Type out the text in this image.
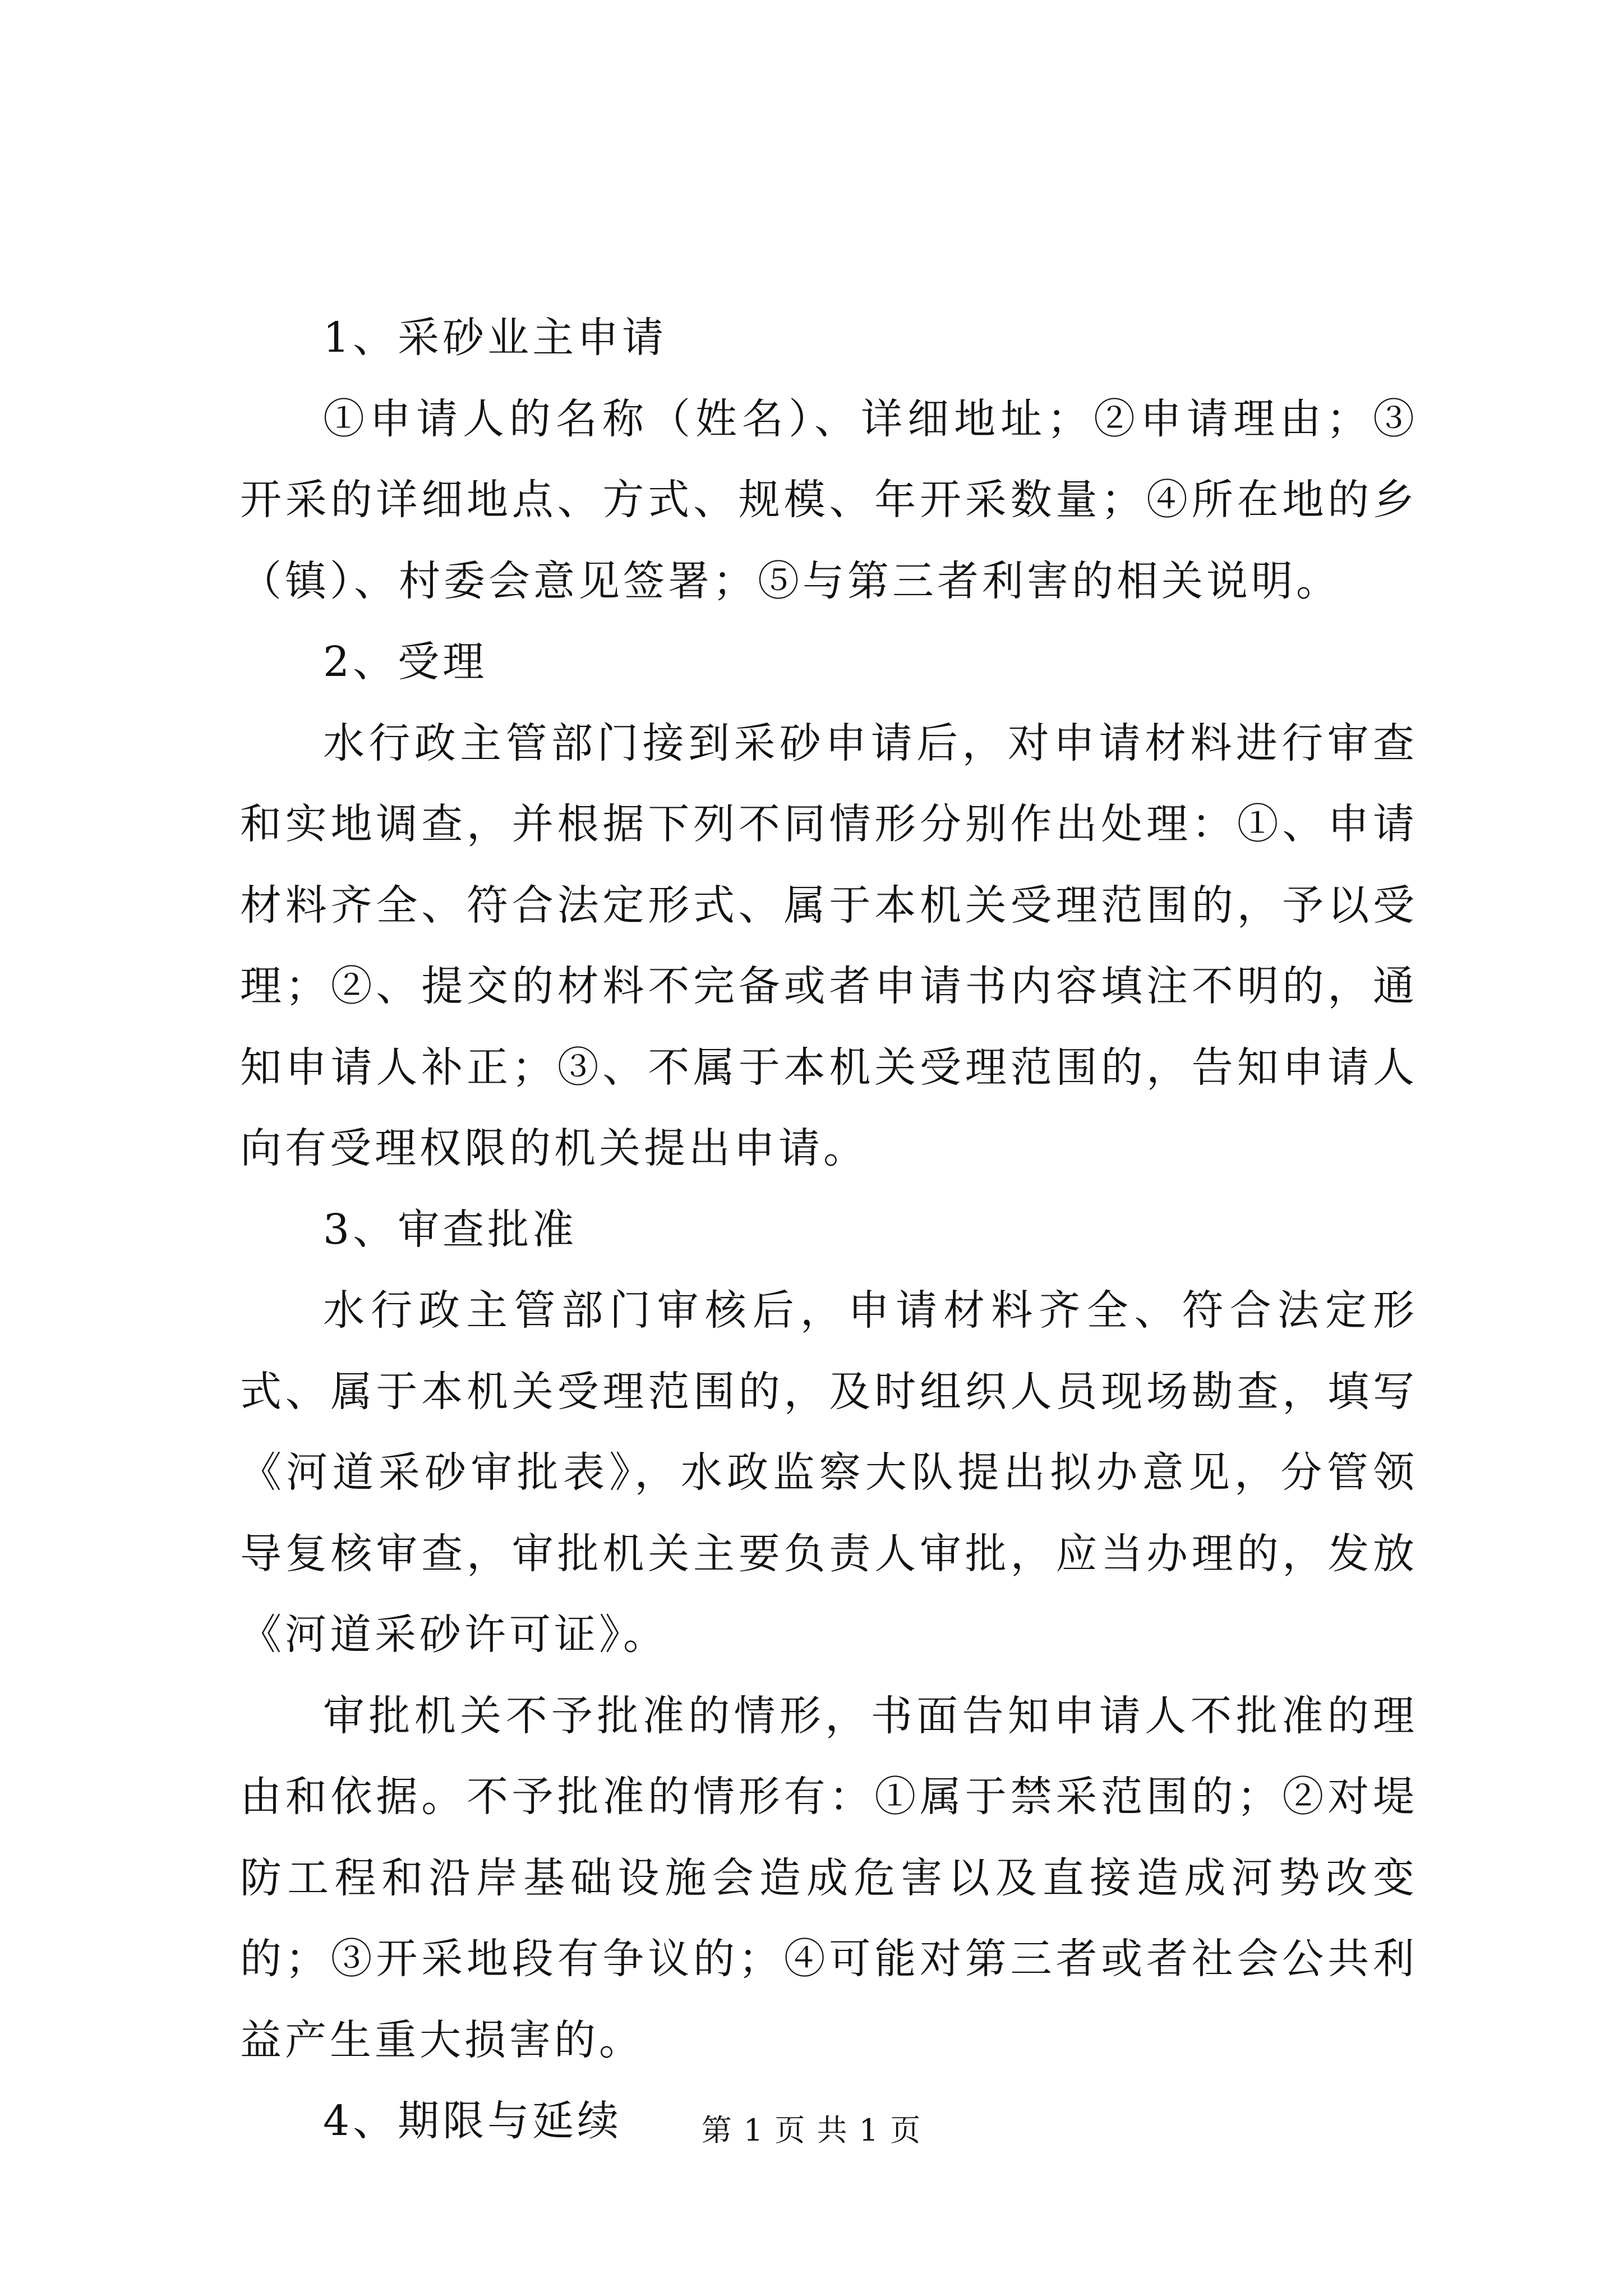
1、采砂业主申请

①申请人的名称（姓名）、详细地址；②申请理由；③开采的详细地点、方式、规模、年开采数量；④所在地的乡（镇）、村委会意见签署；⑤与第三者利害的相关说明。

2、受理

水行政主管部门接到采砂申请后，对申请材料进行审查和实地调查，并根据下列不同情形分别作出处理：①、申请材料齐全、符合法定形式、属于本机关受理范围的，予以受理；②、提交的材料不完备或者申请书内容填注不明的，通知申请人补正；③、不属于本机关受理范围的，告知申请人向有受理权限的机关提出申请。

3、审查批准

水行政主管部门审核后，申请材料齐全、符合法定形式、属于本机关受理范围的，及时组织人员现场勘查，填写《河道采砂审批表》，水政监察大队提出拟办意见，分管领导复核审查，审批机关主要负责人审批，应当办理的，发放《河道采砂许可证》。

审批机关不予批准的情形，书面告知申请人不批准的理由和依据。不予批准的情形有：①属于禁采范围的；②对堤防工程和沿岸基础设施会造成危害以及直接造成河势改变的；③开采地段有争议的；④可能对第三者或者社会公共利益产生重大损害的。

4、期限与延续	第 1 页 共 1 页
